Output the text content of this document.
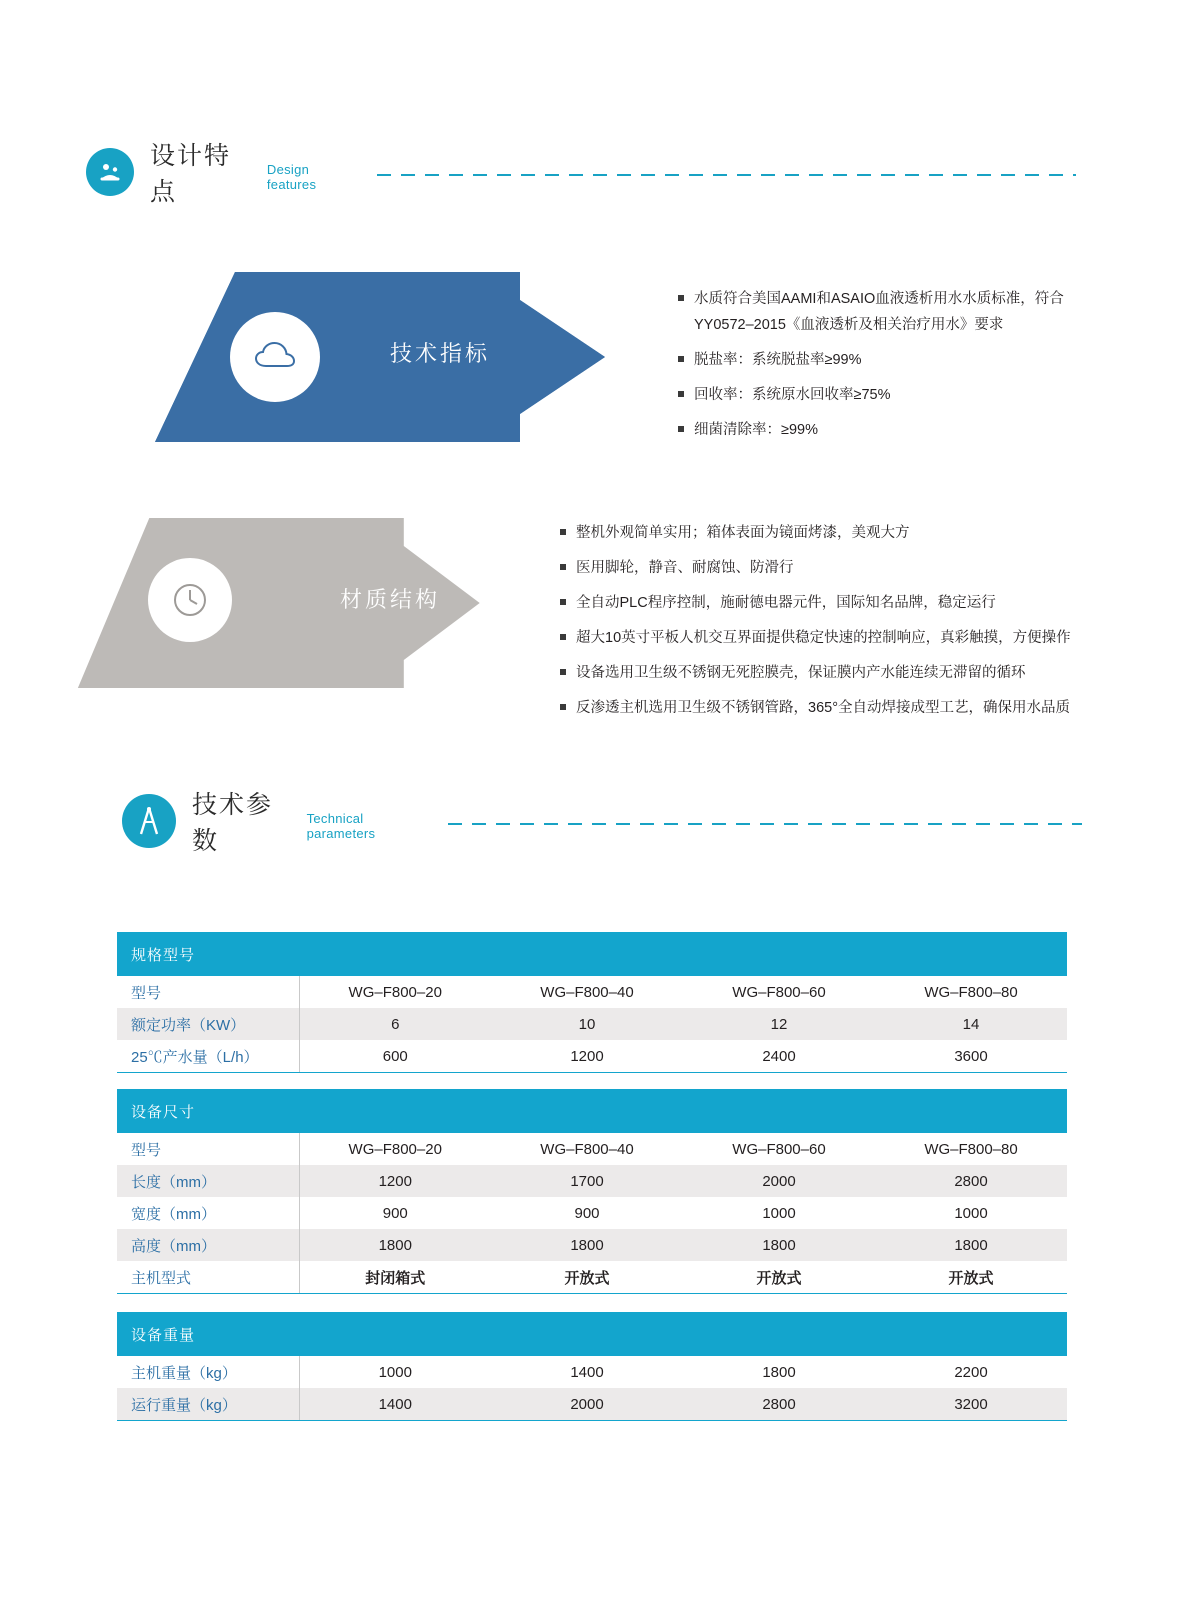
设计特点
Design features
技术指标
水质符合美国AAMI和ASAIO血液透析用水水质标准，符合
YY0572–2015《血液透析及相关治疗用水》要求
脱盐率：系统脱盐率≥99%
回收率：系统原水回收率≥75%
细菌清除率：≥99%
材质结构
整机外观简单实用；箱体表面为镜面烤漆，美观大方
医用脚轮，静音、耐腐蚀、防滑行
全自动PLC程序控制，施耐德电器元件，国际知名品牌，稳定运行
超大10英寸平板人机交互界面提供稳定快速的控制响应，真彩触摸，方便操作
设备选用卫生级不锈钢无死腔膜壳，保证膜内产水能连续无滞留的循环
反渗透主机选用卫生级不锈钢管路，365°全自动焊接成型工艺，确保用水品质
技术参数
Technical parameters
规格型号				
型号	WG–F800–20	WG–F800–40	WG–F800–60	WG–F800–80
额定功率（KW）	6	10	12	14
25℃产水量（L/h）	600	1200	2400	3600
设备尺寸				
型号	WG–F800–20	WG–F800–40	WG–F800–60	WG–F800–80
长度（mm）	1200	1700	2000	2800
宽度（mm）	900	900	1000	1000
高度（mm）	1800	1800	1800	1800
主机型式	封闭箱式	开放式	开放式	开放式
设备重量				
主机重量（kg）	1000	1400	1800	2200
运行重量（kg）	1400	2000	2800	3200
